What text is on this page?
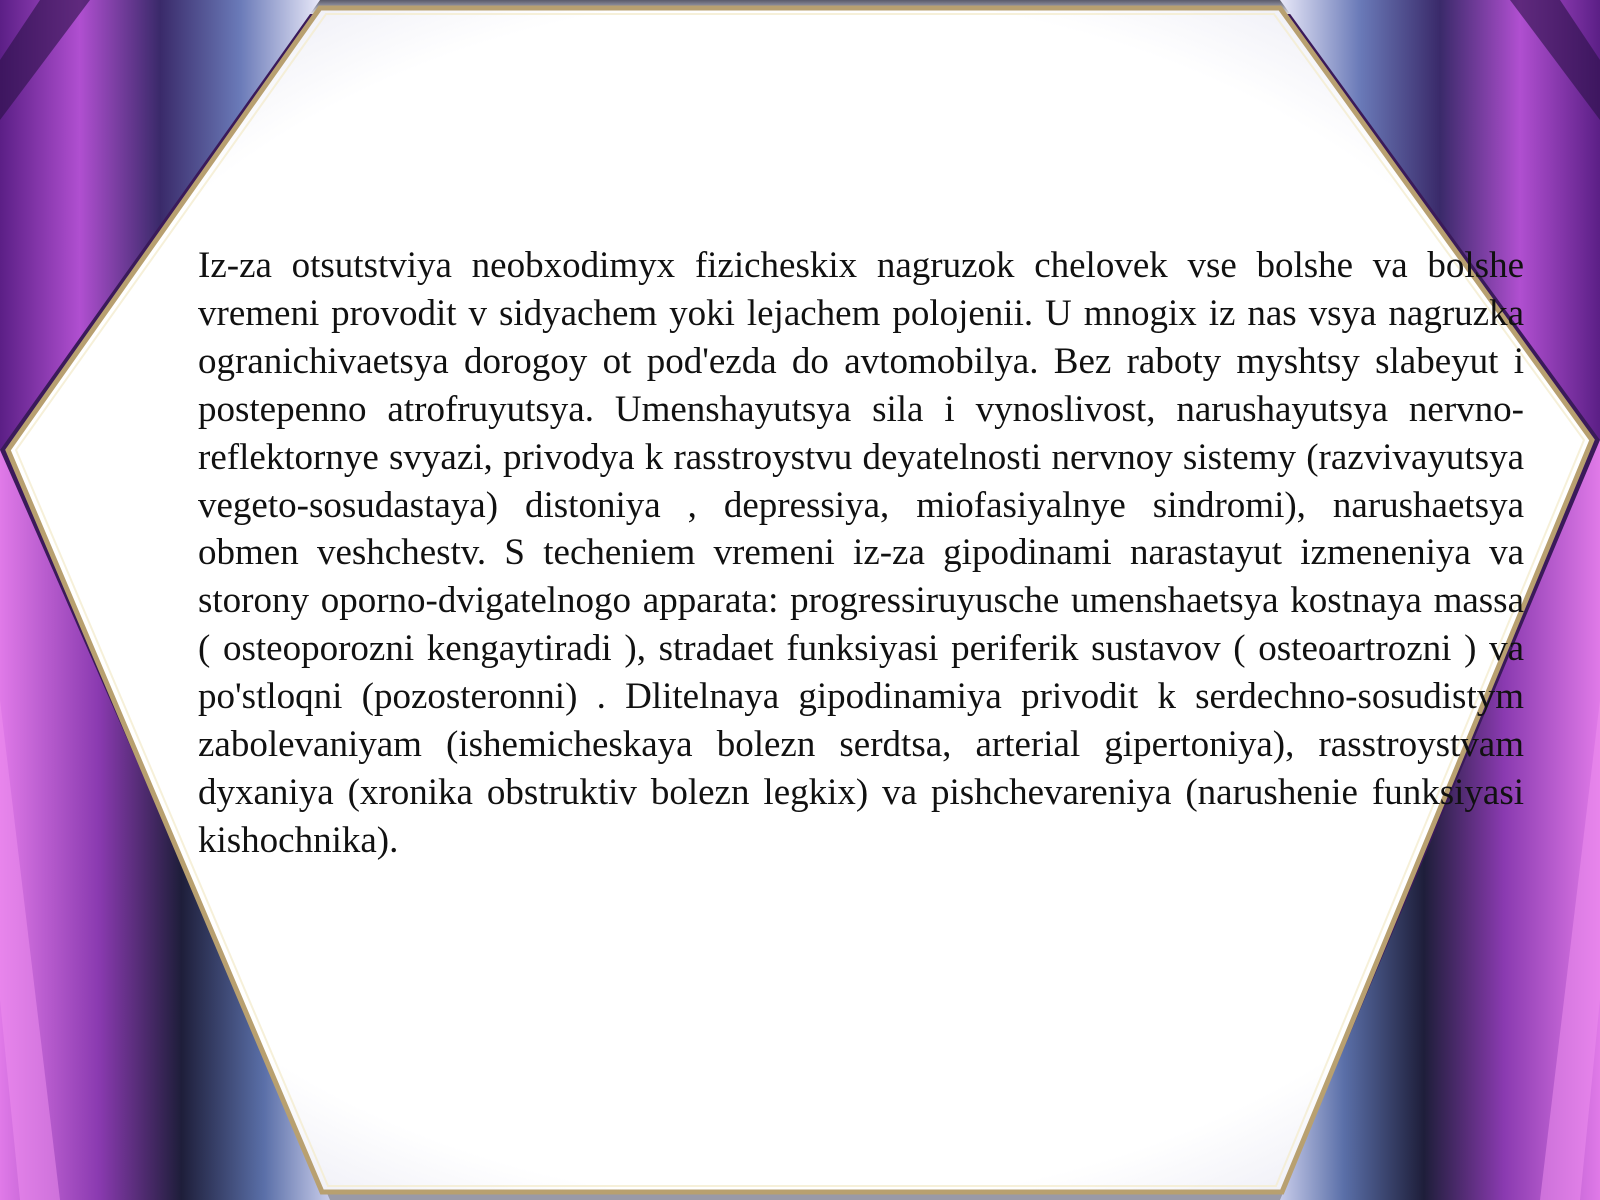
Iz-za otsutstviya neobxodimyx fizicheskix nagruzok chelovek vse bolshe va bolshe vremeni provodit v sidyachem yoki lejachem polojenii. U mnogix iz nas vsya nagruzka ogranichivaetsya dorogoy ot pod'ezda do avtomobilya. Bez raboty myshtsy slabeyut i postepenno atrofruyutsya. Umenshayutsya sila i vynoslivost, narushayutsya nervno-reflektornye svyazi, privodya k rasstroystvu deyatelnosti nervnoy sistemy (razvivayutsya vegeto-sosudastaya) distoniya , depressiya, miofasiyalnye sindromi), narushaetsya obmen veshchestv. S techeniem vremeni iz-za gipodinami narastayut izmeneniya va storony oporno-dvigatelnogo apparata: progressiruyusche umenshaetsya kostnaya massa ( osteoporozni kengaytiradi ), stradaet funksiyasi periferik sustavov ( osteoartrozni ) va po'stloqni (pozosteronni) . Dlitelnaya gipodinamiya privodit k serdechno-sosudistym zabolevaniyam (ishemicheskaya bolezn serdtsa, arterial gipertoniya), rasstroystvam dyxaniya (xronika obstruktiv bolezn legkix) va pishchevareniya (narushenie funksiyasi kishochnika).
